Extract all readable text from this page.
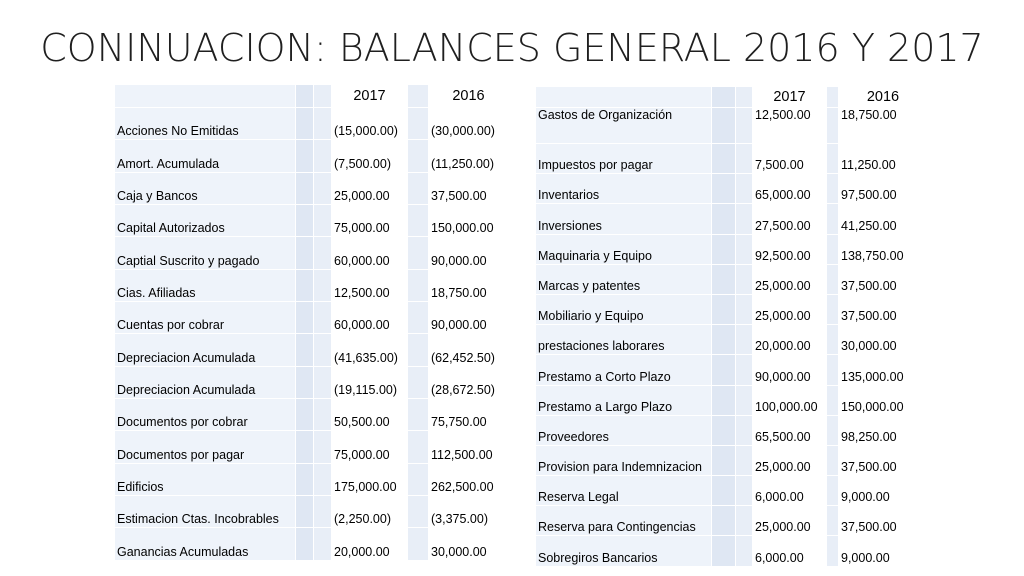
CONINUACION: BALANCES GENERAL 2016 Y 2017
			2017		2016
Acciones No Emitidas			(15,000.00)		(30,000.00)
Amort. Acumulada			(7,500.00)		(11,250.00)
Caja y Bancos			25,000.00		37,500.00
Capital Autorizados			75,000.00		150,000.00
Captial Suscrito y pagado			60,000.00		90,000.00
Cias. Afiliadas			12,500.00		18,750.00
Cuentas por cobrar			60,000.00		90,000.00
Depreciacion Acumulada			(41,635.00)		(62,452.50)
Depreciacion Acumulada			(19,115.00)		(28,672.50)
Documentos por cobrar			50,500.00		75,750.00
Documentos por pagar			75,000.00		112,500.00
Edificios			175,000.00		262,500.00
Estimacion Ctas. Incobrables			(2,250.00)		(3,375.00)
Ganancias Acumuladas			20,000.00		30,000.00
			2017		2016
Gastos de Organización			12,500.00		18,750.00
Impuestos por pagar			7,500.00		11,250.00
Inventarios			65,000.00		97,500.00
Inversiones			27,500.00		41,250.00
Maquinaria y Equipo			92,500.00		138,750.00
Marcas y patentes			25,000.00		37,500.00
Mobiliario y Equipo			25,000.00		37,500.00
prestaciones laborares			20,000.00		30,000.00
Prestamo a Corto Plazo			90,000.00		135,000.00
Prestamo a Largo Plazo			100,000.00		150,000.00
Proveedores			65,500.00		98,250.00
Provision para Indemnizacion			25,000.00		37,500.00
Reserva Legal			6,000.00		9,000.00
Reserva para Contingencias			25,000.00		37,500.00
Sobregiros Bancarios			6,000.00		9,000.00
